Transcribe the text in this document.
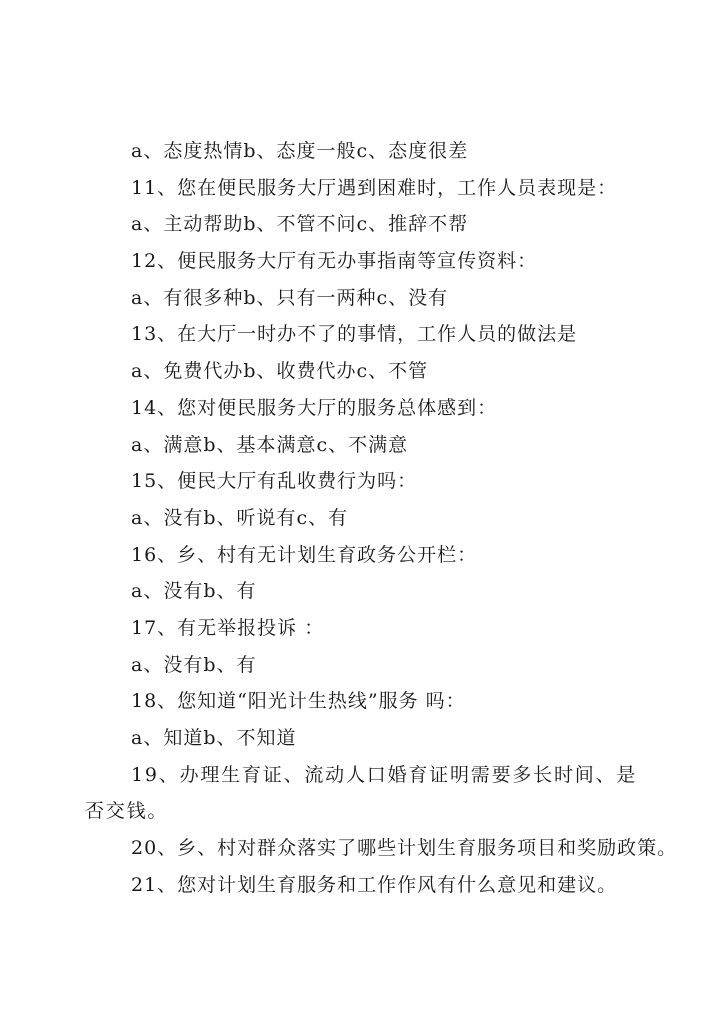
a、态度热情b、态度一般c、态度很差
11、您在便民服务大厅遇到困难时，工作人员表现是：
a、主动帮助b、不管不问c、推辞不帮
12、便民服务大厅有无办事指南等宣传资料：
a、有很多种b、只有一两种c、没有
13、在大厅一时办不了的事情，工作人员的做法是
a、免费代办b、收费代办c、不管
14、您对便民服务大厅的服务总体感到：
a、满意b、基本满意c、不满意
15、便民大厅有乱收费行为吗：
a、没有b、听说有c、有
16、乡、村有无计划生育政务公开栏：
a、没有b、有
17、有无举报投诉 ：
a、没有b、有
18、您知道“阳光计生热线”服务 吗：
a、知道b、不知道
19、办理生育证、流动人口婚育证明需要多长时间、是否交钱。
20、乡、村对群众落实了哪些计划生育服务项目和奖励政策。
21、您对计划生育服务和工作作风有什么意见和建议。
